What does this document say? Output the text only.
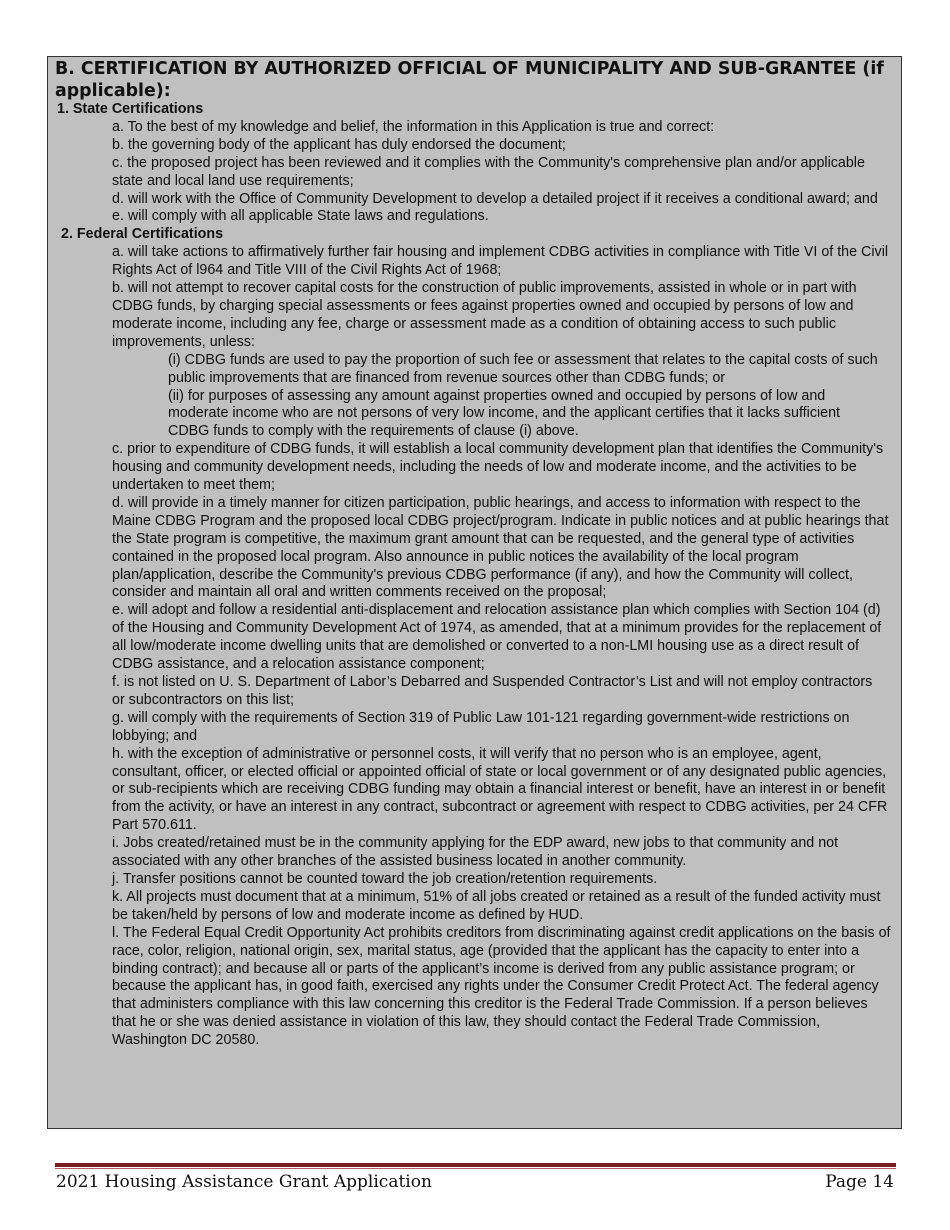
B. CERTIFICATION BY AUTHORIZED OFFICIAL OF MUNICIPALITY AND SUB-GRANTEE (if applicable):

1. State Certifications

a. To the best of my knowledge and belief, the information in this Application is true and correct:

b. the governing body of the applicant has duly endorsed the document;

c. the proposed project has been reviewed and it complies with the Community's comprehensive plan and/or applicable state and local land use requirements;

d. will work with the Office of Community Development to develop a detailed project if it receives a conditional award; and

e. will comply with all applicable State laws and regulations.

2. Federal Certifications

a. will take actions to affirmatively further fair housing and implement CDBG activities in compliance with Title VI of the Civil Rights Act of l964 and Title VIII of the Civil Rights Act of 1968;

b. will not attempt to recover capital costs for the construction of public improvements, assisted in whole or in part with CDBG funds, by charging special assessments or fees against properties owned and occupied by persons of low and moderate income, including any fee, charge or assessment made as a condition of obtaining access to such public improvements, unless:

(i) CDBG funds are used to pay the proportion of such fee or assessment that relates to the capital costs of such public improvements that are financed from revenue sources other than CDBG funds; or

(ii) for purposes of assessing any amount against properties owned and occupied by persons of low and moderate income who are not persons of very low income, and the applicant certifies that it lacks sufficient CDBG funds to comply with the requirements of clause (i) above.

c. prior to expenditure of CDBG funds, it will establish a local community development plan that identifies the Community's housing and community development needs, including the needs of low and moderate income, and the activities to be undertaken to meet them;

d. will provide in a timely manner for citizen participation, public hearings, and access to information with respect to the Maine CDBG Program and the proposed local CDBG project/program. Indicate in public notices and at public hearings that the State program is competitive, the maximum grant amount that can be requested, and the general type of activities contained in the proposed local program. Also announce in public notices the availability of the local program plan/application, describe the Community's previous CDBG performance (if any), and how the Community will collect, consider and maintain all oral and written comments received on the proposal;

e. will adopt and follow a residential anti-displacement and relocation assistance plan which complies with Section 104 (d) of the Housing and Community Development Act of 1974, as amended, that at a minimum provides for the replacement of all low/moderate income dwelling units that are demolished or converted to a non-LMI housing use as a direct result of CDBG assistance, and a relocation assistance component;

f. is not listed on U. S. Department of Labor’s Debarred and Suspended Contractor’s List and will not employ contractors

or subcontractors on this list;

g. will comply with the requirements of Section 319 of Public Law 101-121 regarding government-wide restrictions on lobbying; and

h. with the exception of administrative or personnel costs, it will verify that no person who is an employee, agent, consultant, officer, or elected official or appointed official of state or local government or of any designated public agencies, or sub-recipients which are receiving CDBG funding may obtain a financial interest or benefit, have an interest in or benefit from the activity, or have an interest in any contract, subcontract or agreement with respect to CDBG activities, per 24 CFR Part 570.611.

i. Jobs created/retained must be in the community applying for the EDP award, new jobs to that community and not associated with any other branches of the assisted business located in another community.

j. Transfer positions cannot be counted toward the job creation/retention requirements.

k. All projects must document that at a minimum, 51% of all jobs created or retained as a result of the funded activity must be taken/held by persons of low and moderate income as defined by HUD.

l. The Federal Equal Credit Opportunity Act prohibits creditors from discriminating against credit applications on the basis of race, color, religion, national origin, sex, marital status, age (provided that the applicant has the capacity to enter into a binding contract); and because all or parts of the applicant’s income is derived from any public assistance program; or because the applicant has, in good faith, exercised any rights under the Consumer Credit Protect Act. The federal agency that administers compliance with this law concerning this creditor is the Federal Trade Commission. If a person believes that he or she was denied assistance in violation of this law, they should contact the Federal Trade Commission, Washington DC 20580.

2021 Housing Assistance Grant Application	Page 14
